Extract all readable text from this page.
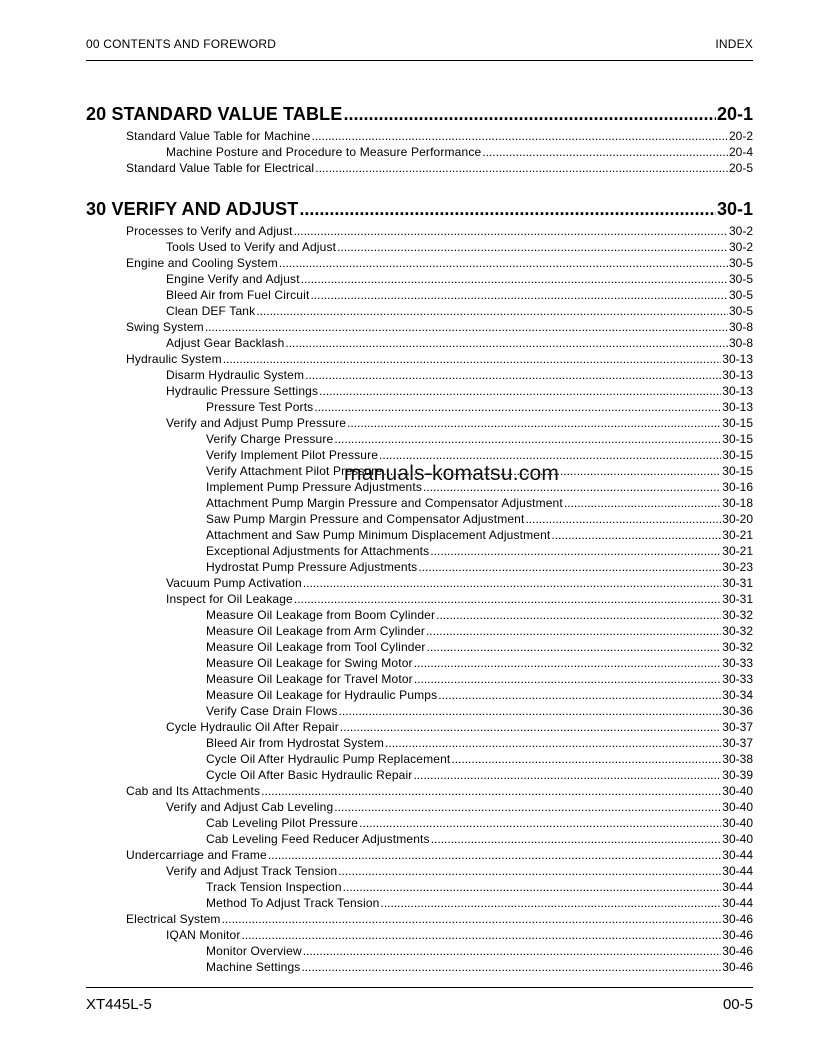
00 CONTENTS AND FOREWORD	INDEX
20 STANDARD VALUE TABLE .....	20-1
Standard Value Table for Machine .....	20-2
Machine Posture and Procedure to Measure Performance .....	20-4
Standard Value Table for Electrical .....	20-5
30 VERIFY AND ADJUST .....	30-1
Processes to Verify and Adjust .....	30-2
Tools Used to Verify and Adjust .....	30-2
Engine and Cooling System .....	30-5
Engine Verify and Adjust .....	30-5
Bleed Air from Fuel Circuit .....	30-5
Clean DEF Tank .....	30-5
Swing System .....	30-8
Adjust Gear Backlash .....	30-8
Hydraulic System .....	30-13
Disarm Hydraulic System .....	30-13
Hydraulic Pressure Settings .....	30-13
Pressure Test Ports .....	30-13
Verify and Adjust Pump Pressure .....	30-15
Verify Charge Pressure .....	30-15
Verify Implement Pilot Pressure .....	30-15
Verify Attachment Pilot Pressure .....	30-15
Implement Pump Pressure Adjustments .....	30-16
Attachment Pump Margin Pressure and Compensator Adjustment .....	30-18
Saw Pump Margin Pressure and Compensator Adjustment .....	30-20
Attachment and Saw Pump Minimum Displacement Adjustment .....	30-21
Exceptional Adjustments for Attachments .....	30-21
Hydrostat Pump Pressure Adjustments .....	30-23
Vacuum Pump Activation .....	30-31
Inspect for Oil Leakage .....	30-31
Measure Oil Leakage from Boom Cylinder .....	30-32
Measure Oil Leakage from Arm Cylinder .....	30-32
Measure Oil Leakage from Tool Cylinder .....	30-32
Measure Oil Leakage for Swing Motor .....	30-33
Measure Oil Leakage for Travel Motor .....	30-33
Measure Oil Leakage for Hydraulic Pumps .....	30-34
Verify Case Drain Flows .....	30-36
Cycle Hydraulic Oil After Repair .....	30-37
Bleed Air from Hydrostat System .....	30-37
Cycle Oil After Hydraulic Pump Replacement .....	30-38
Cycle Oil After Basic Hydraulic Repair .....	30-39
Cab and Its Attachments .....	30-40
Verify and Adjust Cab Leveling .....	30-40
Cab Leveling Pilot Pressure .....	30-40
Cab Leveling Feed Reducer Adjustments .....	30-40
Undercarriage and Frame .....	30-44
Verify and Adjust Track Tension .....	30-44
Track Tension Inspection .....	30-44
Method To Adjust Track Tension .....	30-44
Electrical System .....	30-46
IQAN Monitor .....	30-46
Monitor Overview .....	30-46
Machine Settings .....	30-46
manuals-komatsu.com
XT445L-5	00-5
